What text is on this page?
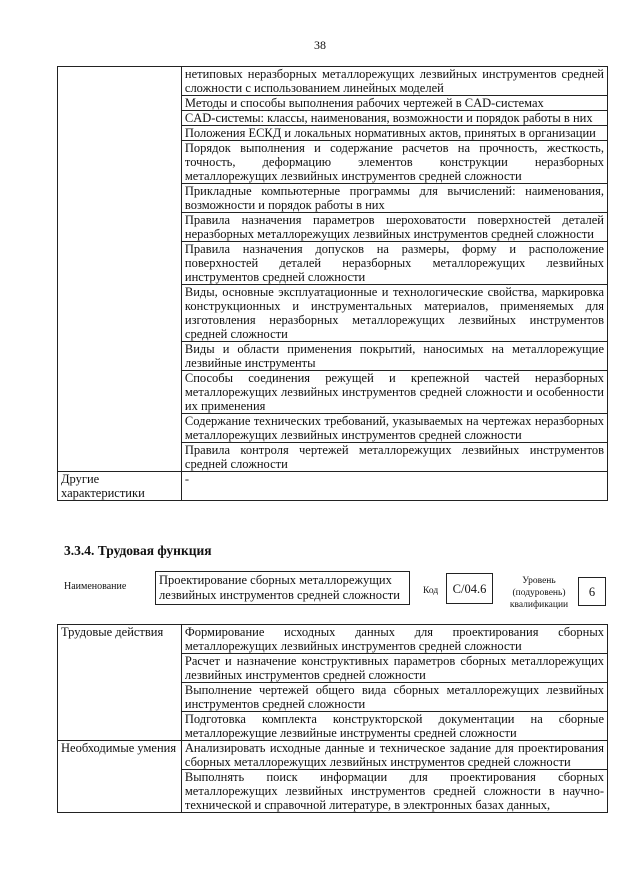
38
	нетиповых неразборных металлорежущих лезвийных инструментов средней сложности с использованием линейных моделей
	Методы и способы выполнения рабочих чертежей в CAD-системах
	CAD-системы: классы, наименования, возможности и порядок работы в них
	Положения ЕСКД и локальных нормативных актов, принятых в организации
	Порядок выполнения и содержание расчетов на прочность, жесткость, точность, деформацию элементов конструкции неразборных металлорежущих лезвийных инструментов средней сложности
	Прикладные компьютерные программы для вычислений: наименования, возможности и порядок работы в них
	Правила назначения параметров шероховатости поверхностей деталей неразборных металлорежущих лезвийных инструментов средней сложности
	Правила назначения допусков на размеры, форму и расположение поверхностей деталей неразборных металлорежущих лезвийных инструментов средней сложности
	Виды, основные эксплуатационные и технологические свойства, маркировка конструкционных и инструментальных материалов, применяемых для изготовления неразборных металлорежущих лезвийных инструментов средней сложности
	Виды и области применения покрытий, наносимых на металлорежущие лезвийные инструменты
	Способы соединения режущей и крепежной частей неразборных металлорежущих лезвийных инструментов средней сложности и особенности их применения
	Содержание технических требований, указываемых на чертежах неразборных металлорежущих лезвийных инструментов средней сложности
	Правила контроля чертежей металлорежущих лезвийных инструментов средней сложности
Другие характеристики	-
3.3.4. Трудовая функция
Наименование	Проектирование сборных металлорежущих лезвийных инструментов средней сложности	Код	C/04.6
Уровень (подуровень) квалификации
6
Трудовые действия	Формирование исходных данных для проектирования сборных металлорежущих лезвийных инструментов средней сложности
	Расчет и назначение конструктивных параметров сборных металлорежущих лезвийных инструментов средней сложности
	Выполнение чертежей общего вида сборных металлорежущих лезвийных инструментов средней сложности
	Подготовка комплекта конструкторской документации на сборные металлорежущие лезвийные инструменты средней сложности
Необходимые умения	Анализировать исходные данные и техническое задание для проектирования сборных металлорежущих лезвийных инструментов средней сложности
	Выполнять поиск информации для проектирования сборных металлорежущих лезвийных инструментов средней сложности в научно-технической и справочной литературе, в электронных базах данных,
